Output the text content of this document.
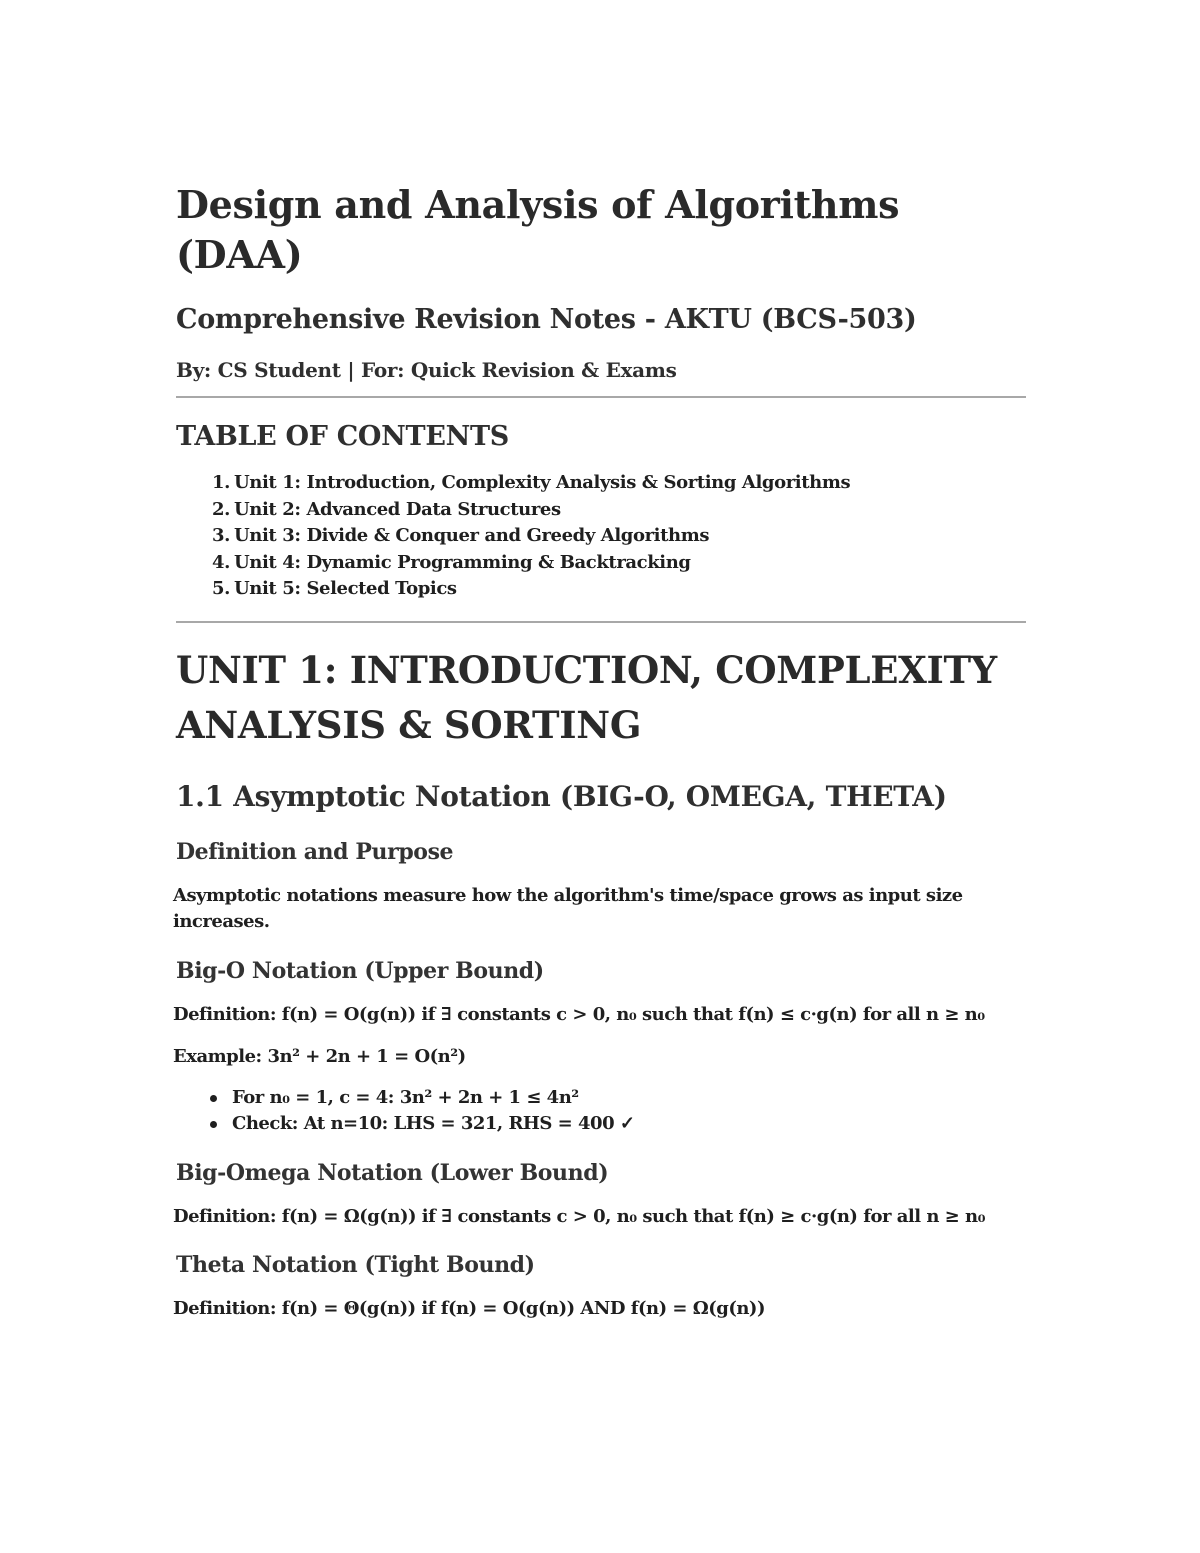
Design and Analysis of Algorithms (DAA)
Comprehensive Revision Notes - AKTU (BCS-503)
By: CS Student | For: Quick Revision & Exams
TABLE OF CONTENTS
1. Unit 1: Introduction, Complexity Analysis & Sorting Algorithms
2. Unit 2: Advanced Data Structures
3. Unit 3: Divide & Conquer and Greedy Algorithms
4. Unit 4: Dynamic Programming & Backtracking
5. Unit 5: Selected Topics
UNIT 1: INTRODUCTION, COMPLEXITY
ANALYSIS & SORTING
1.1 Asymptotic Notation (BIG-O, OMEGA, THETA)
Definition and Purpose

Asymptotic notations measure how the algorithm's time/space grows as input size increases.

Big-O Notation (Upper Bound)

Definition: f(n) = O(g(n)) if ∃ constants c > 0, n₀ such that f(n) ≤ c·g(n) for all n ≥ n₀

Example: 3n² + 2n + 1 = O(n²)

For n₀ = 1, c = 4: 3n² + 2n + 1 ≤ 4n²
Check: At n=10: LHS = 321, RHS = 400 ✓
Big-Omega Notation (Lower Bound)

Definition: f(n) = Ω(g(n)) if ∃ constants c > 0, n₀ such that f(n) ≥ c·g(n) for all n ≥ n₀

Theta Notation (Tight Bound)

Definition: f(n) = Θ(g(n)) if f(n) = O(g(n)) AND f(n) = Ω(g(n))
